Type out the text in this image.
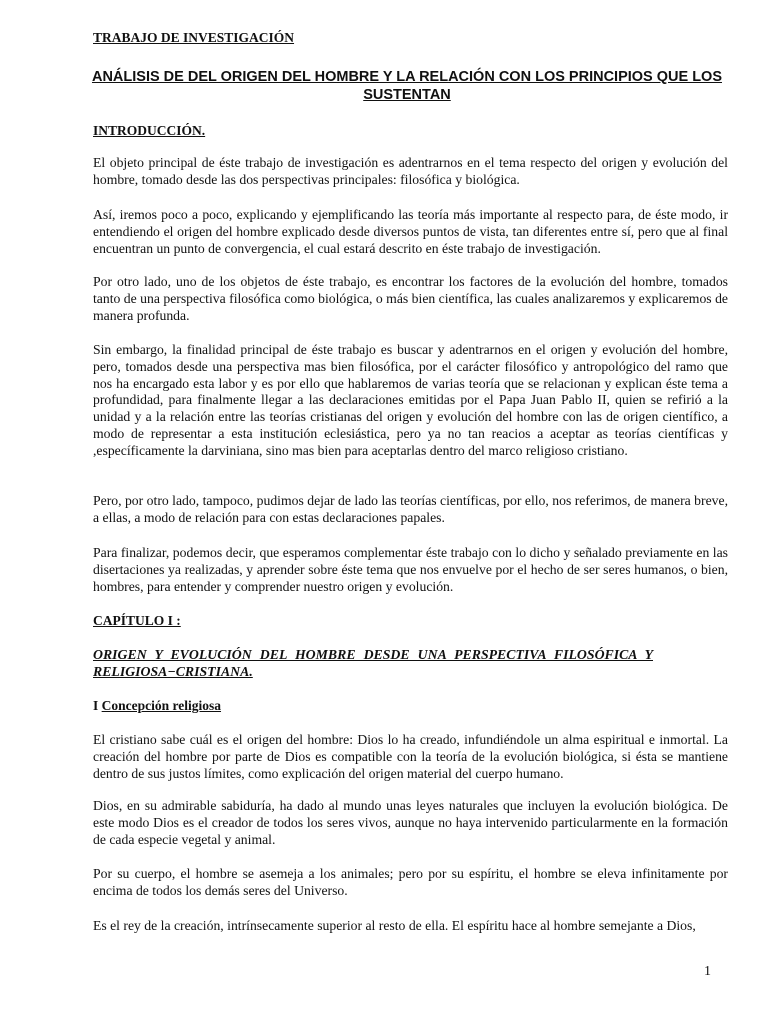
TRABAJO DE INVESTIGACIÓN
ANÁLISIS DE DEL ORIGEN DEL HOMBRE Y LA RELACIÓN CON LOS PRINCIPIOS QUE LOS SUSTENTAN
INTRODUCCIÓN.

El objeto principal de éste trabajo de investigación es adentrarnos en el tema respecto del origen y evolución del hombre, tomado desde las dos perspectivas principales: filosófica y biológica.

Así, iremos poco a poco, explicando y ejemplificando las teoría más importante al respecto para, de éste modo, ir entendiendo el origen del hombre explicado desde diversos puntos de vista, tan diferentes entre sí, pero que al final encuentran un punto de convergencia, el cual estará descrito en éste trabajo de investigación.

Por otro lado, uno de los objetos de éste trabajo, es encontrar los factores de la evolución del hombre, tomados tanto de una perspectiva filosófica como biológica, o más bien científica, las cuales analizaremos y explicaremos de manera profunda.

Sin embargo, la finalidad principal de éste trabajo es buscar y adentrarnos en el origen y evolución del hombre, pero, tomados desde una perspectiva mas bien filosófica, por el carácter filosófico y antropológico del ramo que nos ha encargado esta labor y es por ello que hablaremos de varias teoría que se relacionan y explican éste tema a profundidad, para finalmente llegar a las declaraciones emitidas por el Papa Juan Pablo II, quien se refirió a la unidad y a la relación entre las teorías cristianas del origen y evolución del hombre con las de origen científico, a modo de representar a esta institución eclesiástica, pero ya no tan reacios a aceptar as teorías científicas y ,específicamente la darviniana, sino mas bien para aceptarlas dentro del marco religioso cristiano.

Pero, por otro lado, tampoco, pudimos dejar de lado las teorías científicas, por ello, nos referimos, de manera breve, a ellas, a modo de relación para con estas declaraciones papales.

Para finalizar, podemos decir, que esperamos complementar éste trabajo con lo dicho y señalado previamente en las disertaciones ya realizadas, y aprender sobre éste tema que nos envuelve por el hecho de ser seres humanos, o bien, hombres, para entender y comprender nuestro origen y evolución.

CAPÍTULO I :
ORIGEN Y EVOLUCIÓN DEL HOMBRE DESDE UNA PERSPECTIVA FILOSÓFICA Y RELIGIOSA−CRISTIANA.
I Concepción religiosa

El cristiano sabe cuál es el origen del hombre: Dios lo ha creado, infundiéndole un alma espiritual e inmortal. La creación del hombre por parte de Dios es compatible con la teoría de la evolución biológica, si ésta se mantiene dentro de sus justos límites, como explicación del origen material del cuerpo humano.

Dios, en su admirable sabiduría, ha dado al mundo unas leyes naturales que incluyen la evolución biológica. De este modo Dios es el creador de todos los seres vivos, aunque no haya intervenido particularmente en la formación de cada especie vegetal y animal.

Por su cuerpo, el hombre se asemeja a los animales; pero por su espíritu, el hombre se eleva infinitamente por encima de todos los demás seres del Universo.

Es el rey de la creación, intrínsecamente superior al resto de ella. El espíritu hace al hombre semejante a Dios,

1
